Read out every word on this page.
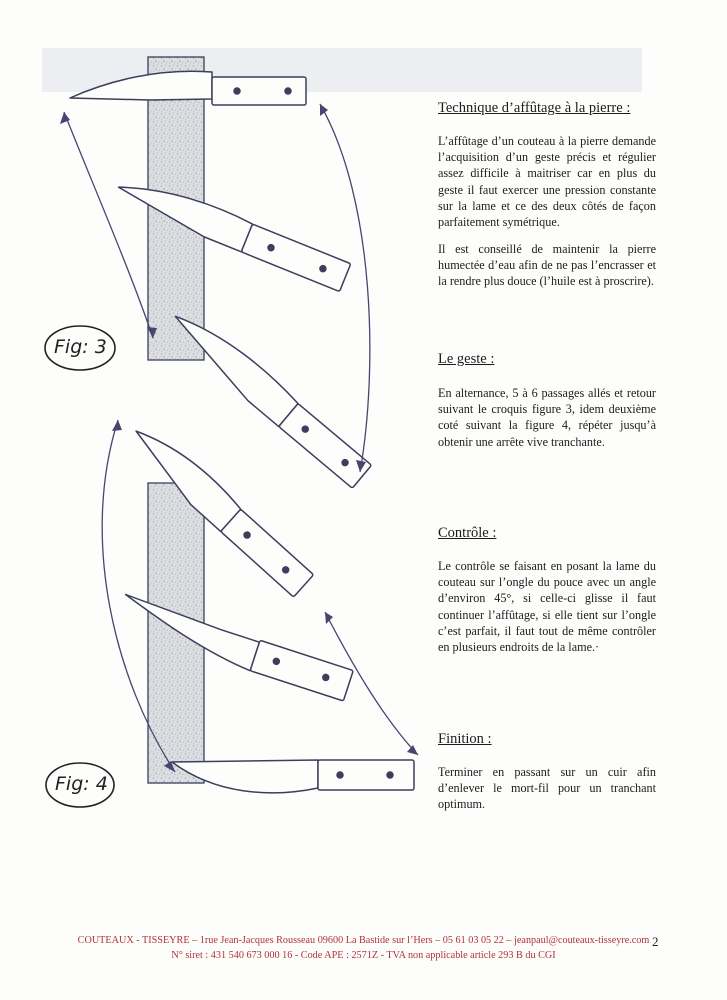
Fig: 3
Fig: 4
Technique d’affûtage à la pierre :
L’affûtage d’un couteau à la pierre demande l’acquisition d’un geste précis et régulier assez difficile à maitriser car en plus du geste il faut exercer une pression constante sur la lame et ce des deux côtés de façon parfaitement symétrique.
Il est conseillé de maintenir la pierre humectée d’eau afin de ne pas l’encrasser et la rendre plus douce (l’huile est à proscrire).
Le geste :
En alternance, 5 à 6 passages allés et retour suivant le croquis figure 3, idem deuxième coté suivant la figure 4, répéter jusqu’à obtenir une arrête vive tranchante.
Contrôle :
Le contrôle se faisant en posant la lame du couteau sur l’ongle du pouce avec un angle d’environ 45°, si celle-ci glisse il faut continuer l’affûtage, si elle tient sur l’ongle c’est parfait, il faut tout de même contrôler en plusieurs endroits de la lame.·
Finition :
Terminer en passant sur un cuir afin d’enlever le mort-fil pour un tranchant optimum.
COUTEAUX - TISSEYRE – 1rue Jean-Jacques Rousseau 09600 La Bastide sur l’Hers – 05 61 03 05 22 – jeanpaul@couteaux-tisseyre.com
N° siret : 431 540 673 000 16 - Code APE : 2571Z - TVA non applicable article 293 B du CGI
2
